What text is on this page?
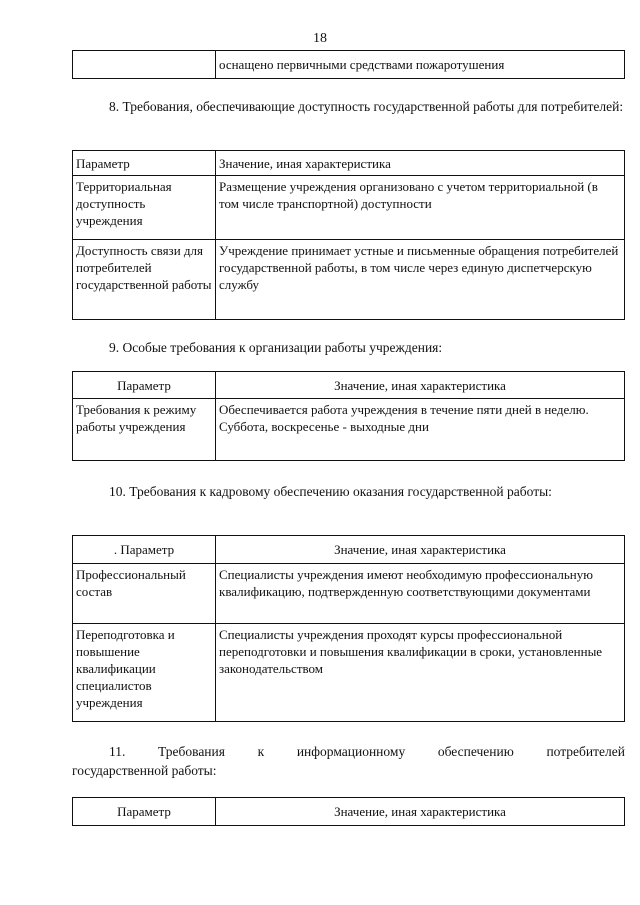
18
	оснащено первичными средствами пожаротушения

8. Требования, обеспечивающие доступность государственной работы для потребителей:

Параметр	Значение, иная характеристика
Территориальная доступность учреждения	Размещение учреждения организовано с учетом территориальной (в том числе транспортной) доступности
Доступность связи для потребителей государственной работы	Учреждение принимает устные и письменные обращения потребителей государственной работы, в том числе через единую диспетчерскую службу

9. Особые требования к организации работы учреждения:

Параметр	Значение, иная характеристика
Требования к режиму работы учреждения	Обеспечивается работа учреждения в течение пяти дней в неделю. Суббота, воскресенье - выходные дни

10. Требования к кадровому обеспечению оказания государственной работы:

. Параметр	Значение, иная характеристика
Профессиональный состав	Специалисты учреждения имеют необходимую профессиональную квалификацию, подтвержденную соответствующими документами
Переподготовка и повышение квалификации специалистов учреждения	Специалисты учреждения проходят курсы профессиональной переподготовки и повышения квалификации в сроки, установленные законодательством

11. Требования к информационному обеспечению потребителей

государственной работы:

Параметр	Значение, иная характеристика
